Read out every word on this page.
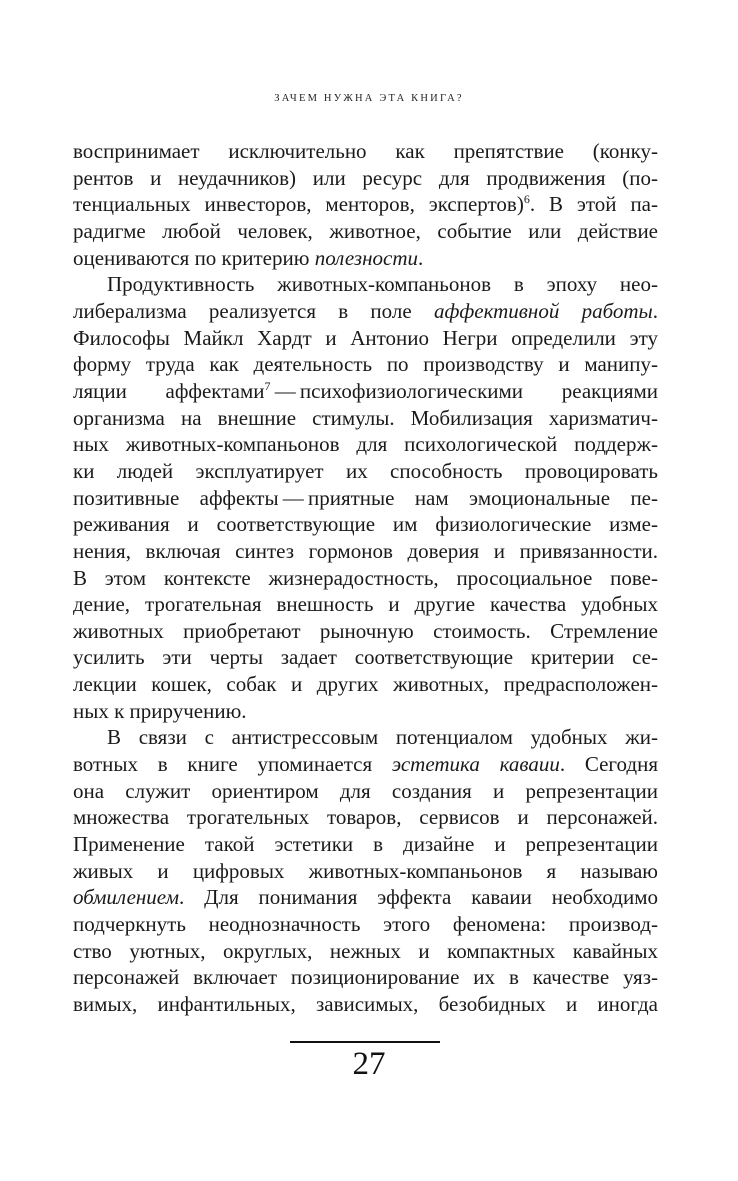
ЗАЧЕМ НУЖНА ЭТА КНИГА?
воспринимает исключительно как препятствие (конку-
рентов и неудачников) или ресурс для продвижения (по-
тенциальных инвесторов, менторов, экспертов)$^6$. В этой па-
радигме любой человек, животное, событие или действие
оцениваются по критерию полезности.
Продуктивность животных-компаньонов в эпоху нео-
либерализма реализуется в поле аффективной работы.
Философы Майкл Хардт и Антонио Негри определили эту
форму труда как деятельность по производству и манипу-
ляции аффектами$^7$ — психофизиологическими реакциями
организма на внешние стимулы. Мобилизация харизматич-
ных животных-компаньонов для психологической поддерж-
ки людей эксплуатирует их способность провоцировать
позитивные аффекты — приятные нам эмоциональные пе-
реживания и соответствующие им физиологические изме-
нения, включая синтез гормонов доверия и привязанности.
В этом контексте жизнерадостность, просоциальное пове-
дение, трогательная внешность и другие качества удобных
животных приобретают рыночную стоимость. Стремление
усилить эти черты задает соответствующие критерии се-
лекции кошек, собак и других животных, предрасположен-
ных к приручению.
В связи с антистрессовым потенциалом удобных жи-
вотных в книге упоминается эстетика каваии. Сегодня
она служит ориентиром для создания и репрезентации
множества трогательных товаров, сервисов и персонажей.
Применение такой эстетики в дизайне и репрезентации
живых и цифровых животных-компаньонов я называю
обмилением. Для понимания эффекта каваии необходимо
подчеркнуть неоднозначность этого феномена: производ-
ство уютных, округлых, нежных и компактных кавайных
персонажей включает позиционирование их в качестве уяз-
вимых, инфантильных, зависимых, безобидных и иногда
27
